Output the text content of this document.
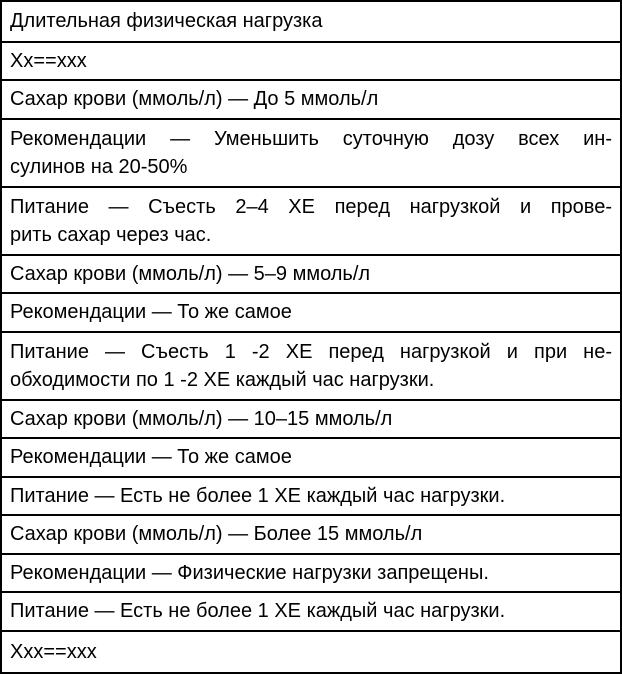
Длительная физическая нагрузка
Xx==xxx
Сахар крови (ммоль/л) — До 5 ммоль/л
Рекомендации — Уменьшить суточную дозу всех ин-
сулинов на 20-50%
Питание — Съесть 2–4 ХЕ перед нагрузкой и прове-
рить сахар через час.
Сахар крови (ммоль/л) — 5–9 ммоль/л
Рекомендации — То же самое
Питание — Съесть 1 -2 ХЕ перед нагрузкой и при не-
обходимости по 1 -2 ХЕ каждый час нагрузки.
Сахар крови (ммоль/л) — 10–15 ммоль/л
Рекомендации — То же самое
Питание — Есть не более 1 ХЕ каждый час нагрузки.
Сахар крови (ммоль/л) — Более 15 ммоль/л
Рекомендации — Физические нагрузки запрещены.
Питание — Есть не более 1 ХЕ каждый час нагрузки.
Xxx==xxx
